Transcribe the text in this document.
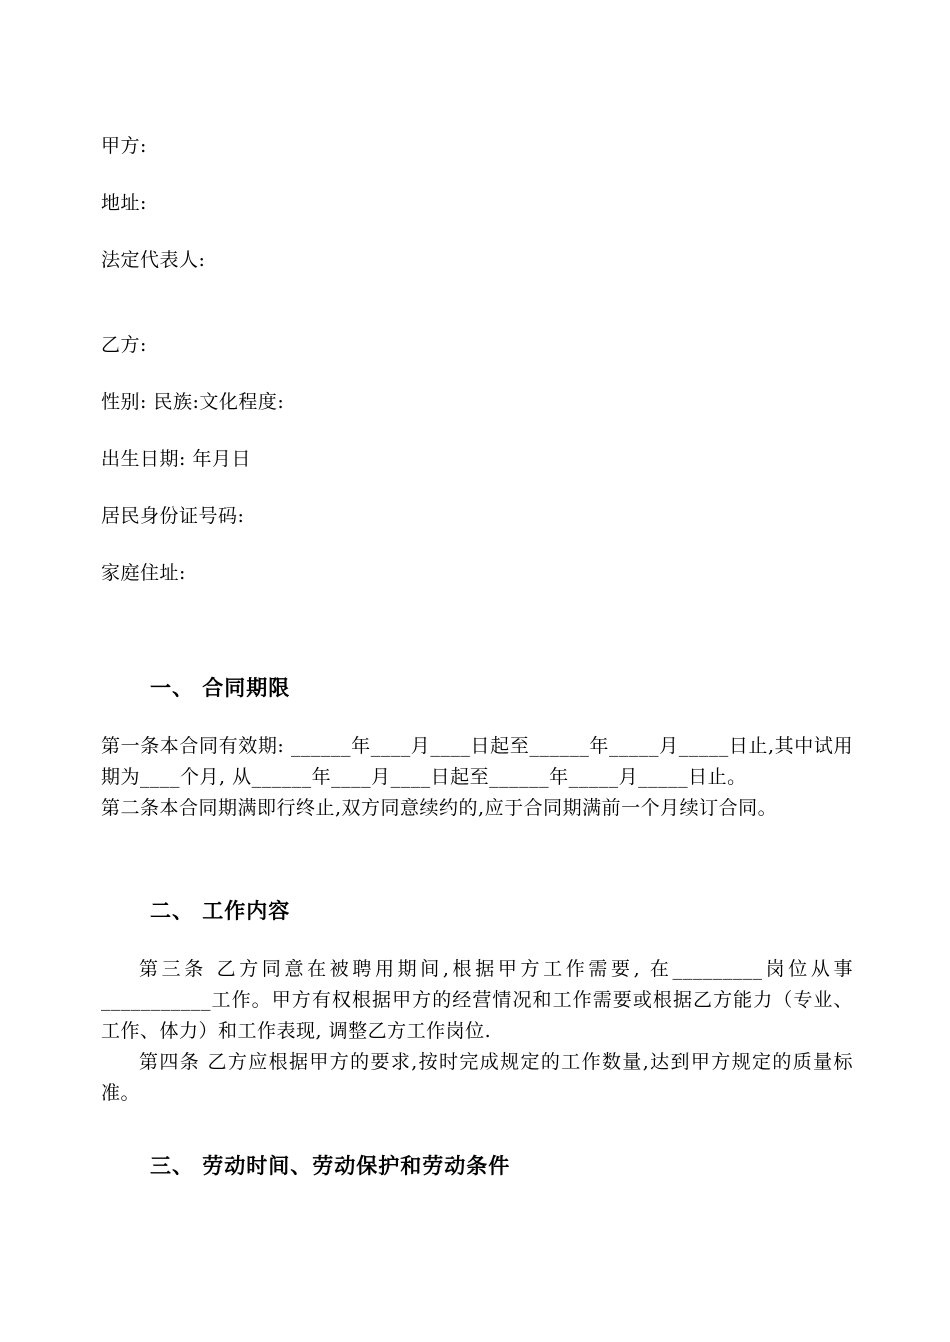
甲方:
地址:
法定代表人:
乙方:
性别: 民族:文化程度:
出生日期: 年月日
居民身份证号码:
家庭住址:
一、 合同期限

第一条本合同有效期: ______年____月____日起至______年_____月_____日止,其中试用期为____个月, 从______年____月____日起至______年_____月_____日止。

第二条本合同期满即行终止,双方同意续约的,应于合同期满前一个月续订合同。

二、 工作内容

第三条 乙方同意在被聘用期间,根据甲方工作需要, 在_________岗位从事___________工作。甲方有权根据甲方的经营情况和工作需要或根据乙方能力（专业、工作、体力）和工作表现, 调整乙方工作岗位.

第四条 乙方应根据甲方的要求,按时完成规定的工作数量,达到甲方规定的质量标准。

三、 劳动时间、劳动保护和劳动条件
